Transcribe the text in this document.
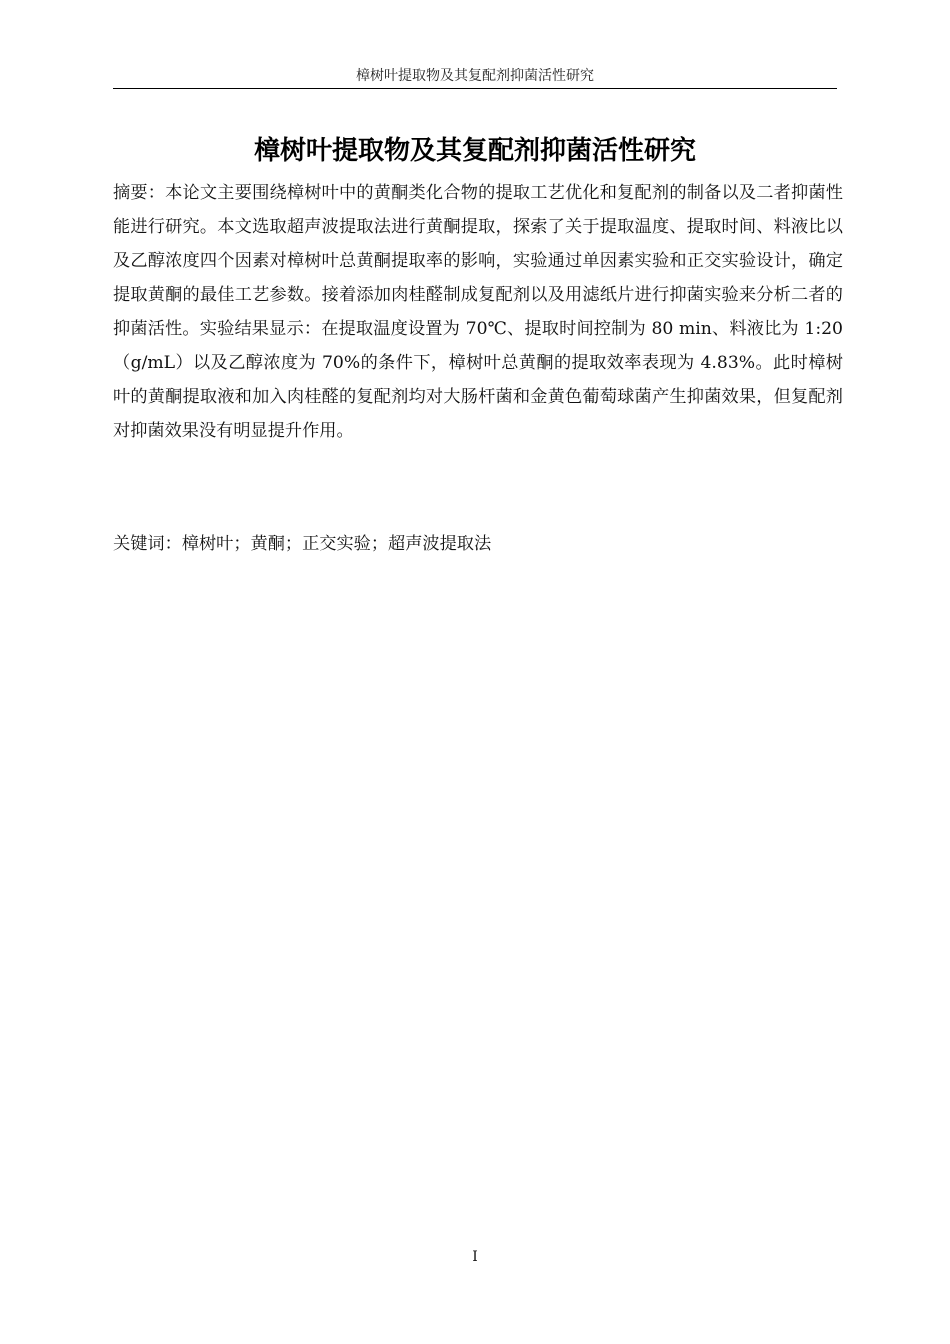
樟树叶提取物及其复配剂抑菌活性研究
樟树叶提取物及其复配剂抑菌活性研究

摘要：本论文主要围绕樟树叶中的黄酮类化合物的提取工艺优化和复配剂的制备以及二者抑菌性能进行研究。本文选取超声波提取法进行黄酮提取，探索了关于提取温度、提取时间、料液比以及乙醇浓度四个因素对樟树叶总黄酮提取率的影响，实验通过单因素实验和正交实验设计，确定提取黄酮的最佳工艺参数。接着添加肉桂醛制成复配剂以及用滤纸片进行抑菌实验来分析二者的抑菌活性。实验结果显示：在提取温度设置为 70℃、提取时间控制为 80 min、料液比为 1:20（g/mL）以及乙醇浓度为 70%的条件下，樟树叶总黄酮的提取效率表现为 4.83%。此时樟树叶的黄酮提取液和加入肉桂醛的复配剂均对大肠杆菌和金黄色葡萄球菌产生抑菌效果，但复配剂对抑菌效果没有明显提升作用。

关键词：樟树叶；黄酮；正交实验；超声波提取法

I
